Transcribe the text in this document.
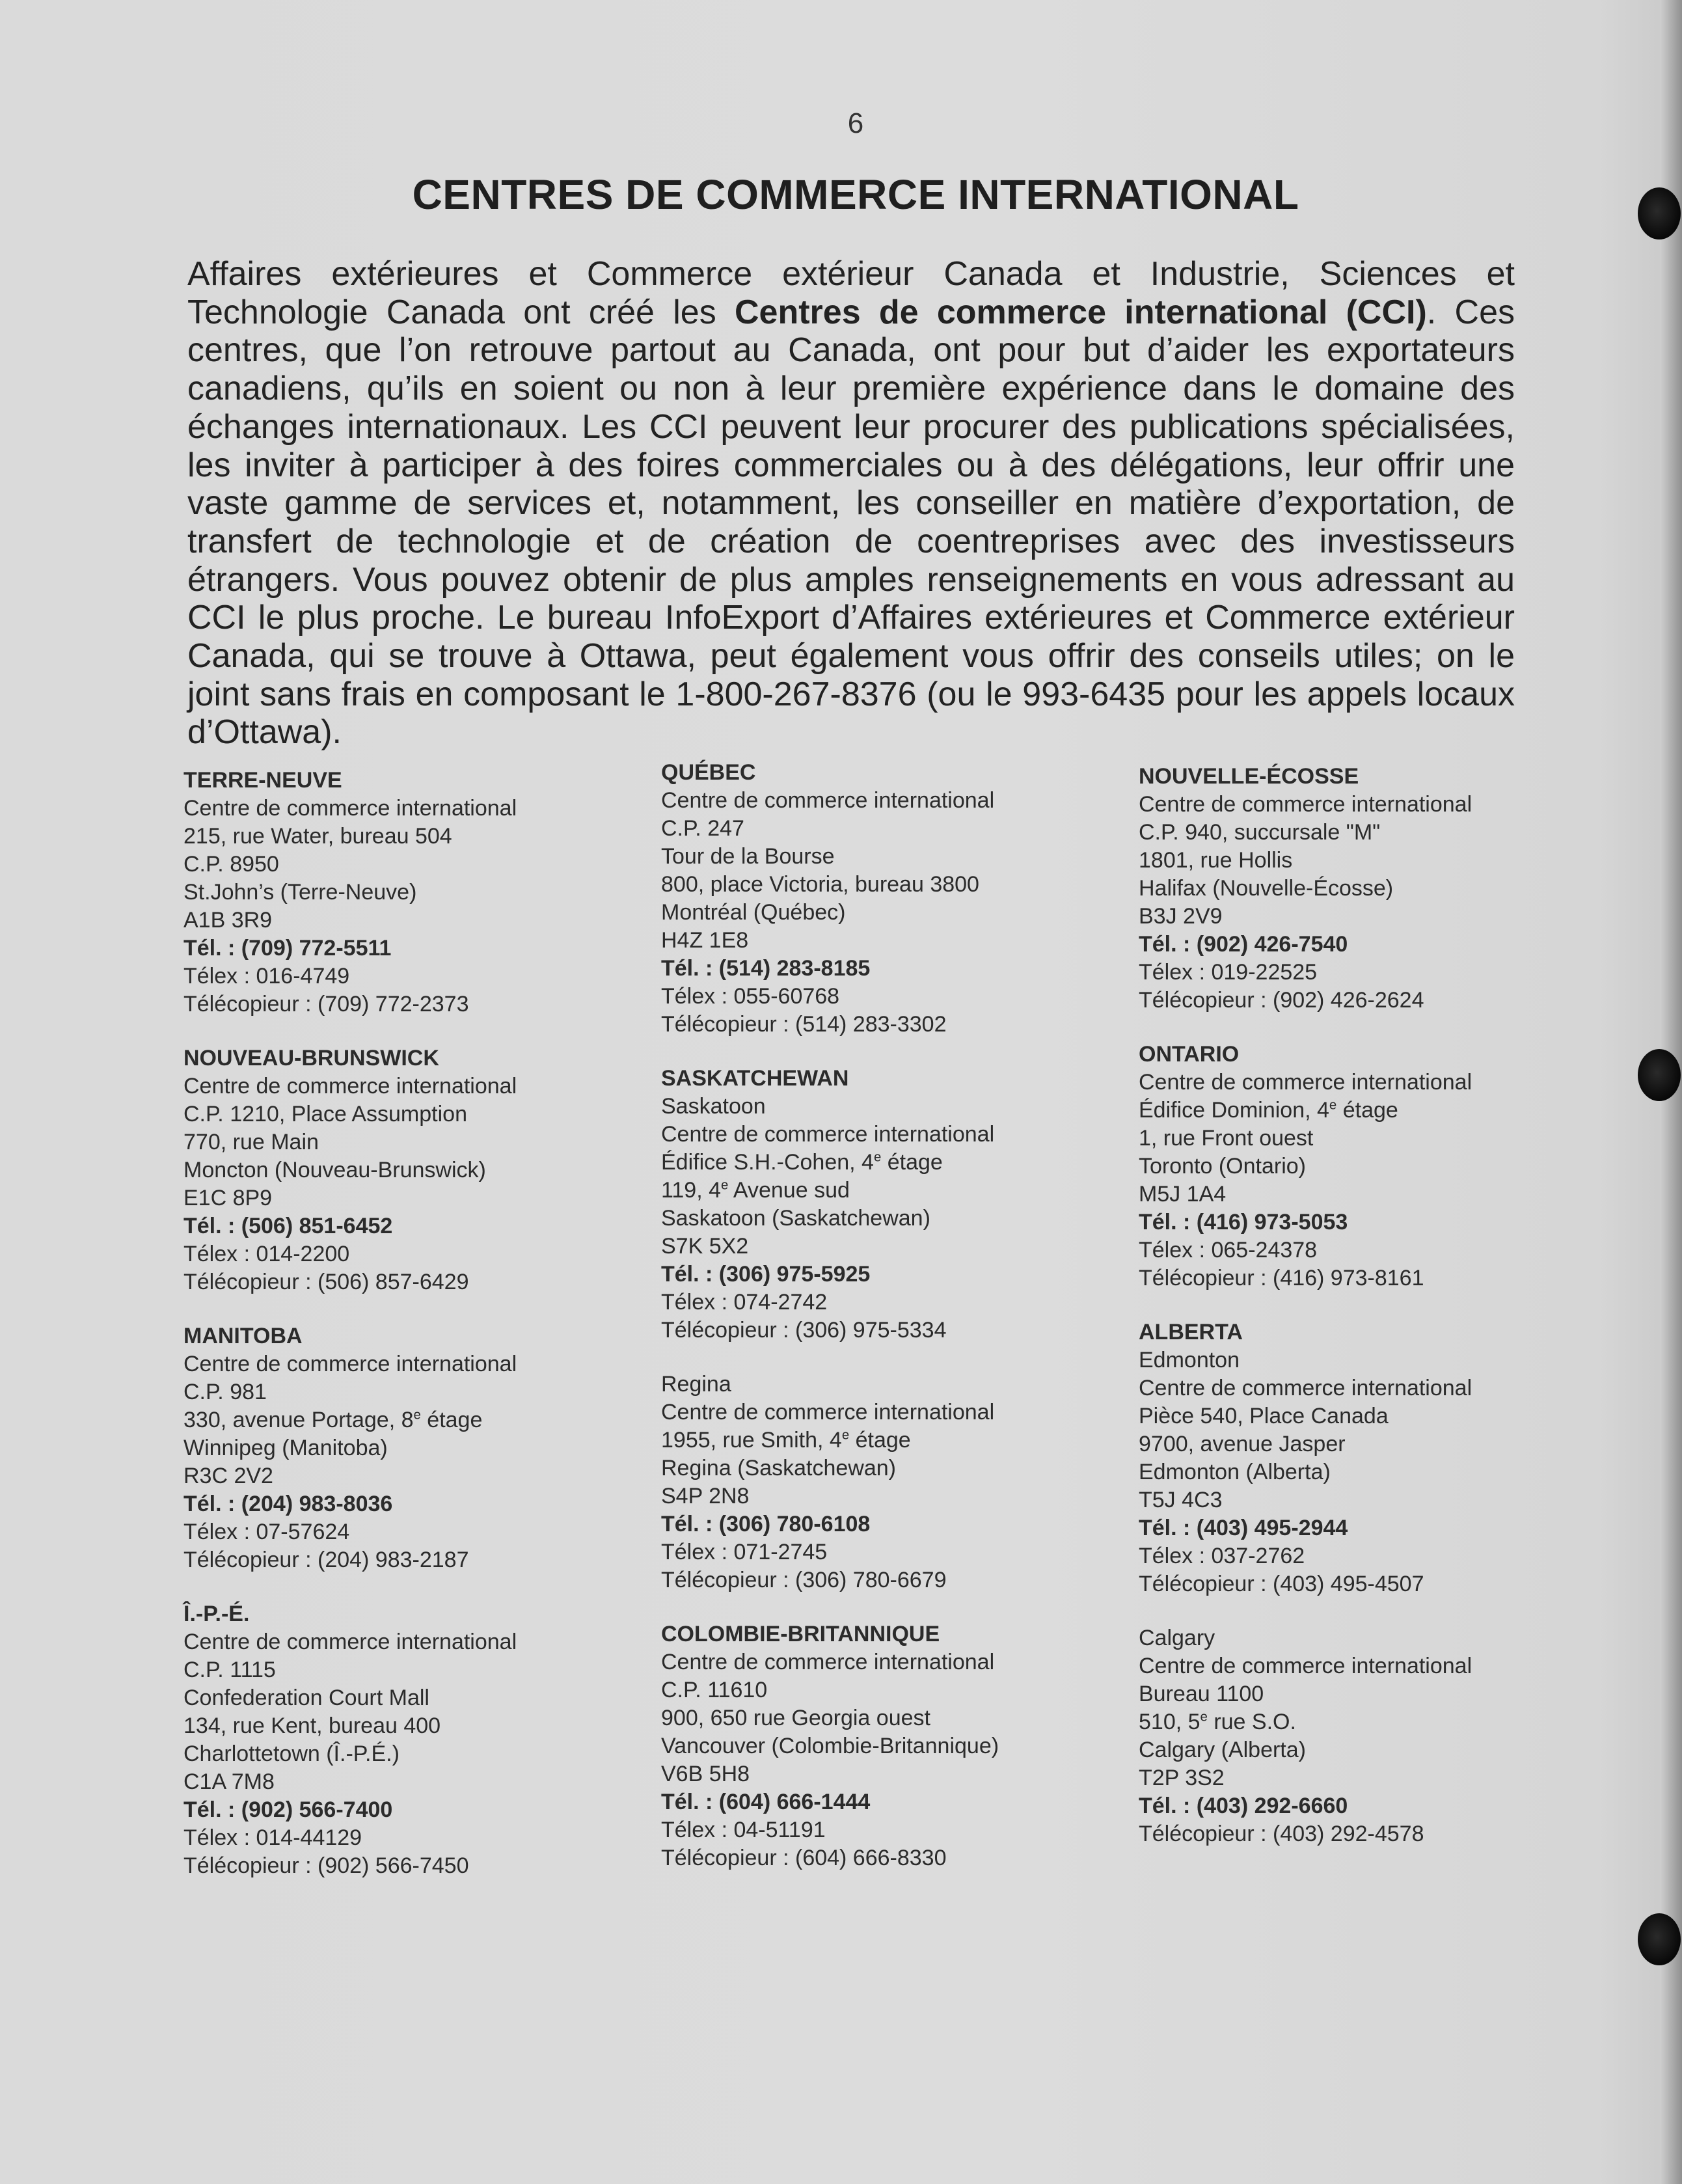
6
CENTRES DE COMMERCE INTERNATIONAL
Affaires extérieures et Commerce extérieur Canada et Industrie, Sciences et Technologie Canada ont créé les Centres de commerce international (CCI). Ces centres, que l’on retrouve partout au Canada, ont pour but d’aider les exportateurs canadiens, qu’ils en soient ou non à leur première expérience dans le domaine des échanges internationaux. Les CCI peuvent leur procurer des publications spécialisées, les inviter à participer à des foires commerciales ou à des délégations, leur offrir une vaste gamme de services et, notamment, les conseiller en matière d’exportation, de transfert de technologie et de création de coentreprises avec des investisseurs étrangers. Vous pouvez obtenir de plus amples renseignements en vous adressant au CCI le plus proche. Le bureau InfoExport d’Affaires extérieures et Commerce extérieur Canada, qui se trouve à Ottawa, peut également vous offrir des conseils utiles; on le joint sans frais en composant le 1-800-267-8376 (ou le 993-6435 pour les appels locaux d’Ottawa).
TERRE-NEUVE
Centre de commerce international
215, rue Water, bureau 504
C.P. 8950
St.John’s (Terre-Neuve)
A1B 3R9
Tél. : (709) 772-5511
Télex : 016-4749
Télécopieur : (709) 772-2373
NOUVEAU-BRUNSWICK
Centre de commerce international
C.P. 1210, Place Assumption
770, rue Main
Moncton (Nouveau-Brunswick)
E1C 8P9
Tél. : (506) 851-6452
Télex : 014-2200
Télécopieur : (506) 857-6429
MANITOBA
Centre de commerce international
C.P. 981
330, avenue Portage, 8e étage
Winnipeg (Manitoba)
R3C 2V2
Tél. : (204) 983-8036
Télex : 07-57624
Télécopieur : (204) 983-2187
Î.-P.-É.
Centre de commerce international
C.P. 1115
Confederation Court Mall
134, rue Kent, bureau 400
Charlottetown (Î.-P.É.)
C1A 7M8
Tél. : (902) 566-7400
Télex : 014-44129
Télécopieur : (902) 566-7450
QUÉBEC
Centre de commerce international
C.P. 247
Tour de la Bourse
800, place Victoria, bureau 3800
Montréal (Québec)
H4Z 1E8
Tél. : (514) 283-8185
Télex : 055-60768
Télécopieur : (514) 283-3302
SASKATCHEWAN
Saskatoon
Centre de commerce international
Édifice S.H.-Cohen, 4e étage
119, 4e Avenue sud
Saskatoon (Saskatchewan)
S7K 5X2
Tél. : (306) 975-5925
Télex : 074-2742
Télécopieur : (306) 975-5334
Regina
Centre de commerce international
1955, rue Smith, 4e étage
Regina (Saskatchewan)
S4P 2N8
Tél. : (306) 780-6108
Télex : 071-2745
Télécopieur : (306) 780-6679
COLOMBIE-BRITANNIQUE
Centre de commerce international
C.P. 11610
900, 650 rue Georgia ouest
Vancouver (Colombie-Britannique)
V6B 5H8
Tél. : (604) 666-1444
Télex : 04-51191
Télécopieur : (604) 666-8330
NOUVELLE-ÉCOSSE
Centre de commerce international
C.P. 940, succursale "M"
1801, rue Hollis
Halifax (Nouvelle-Écosse)
B3J 2V9
Tél. : (902) 426-7540
Télex : 019-22525
Télécopieur : (902) 426-2624
ONTARIO
Centre de commerce international
Édifice Dominion, 4e étage
1, rue Front ouest
Toronto (Ontario)
M5J 1A4
Tél. : (416) 973-5053
Télex : 065-24378
Télécopieur : (416) 973-8161
ALBERTA
Edmonton
Centre de commerce international
Pièce 540, Place Canada
9700, avenue Jasper
Edmonton (Alberta)
T5J 4C3
Tél. : (403) 495-2944
Télex : 037-2762
Télécopieur : (403) 495-4507
Calgary
Centre de commerce international
Bureau 1100
510, 5e rue S.O.
Calgary (Alberta)
T2P 3S2
Tél. : (403) 292-6660
Télécopieur : (403) 292-4578
